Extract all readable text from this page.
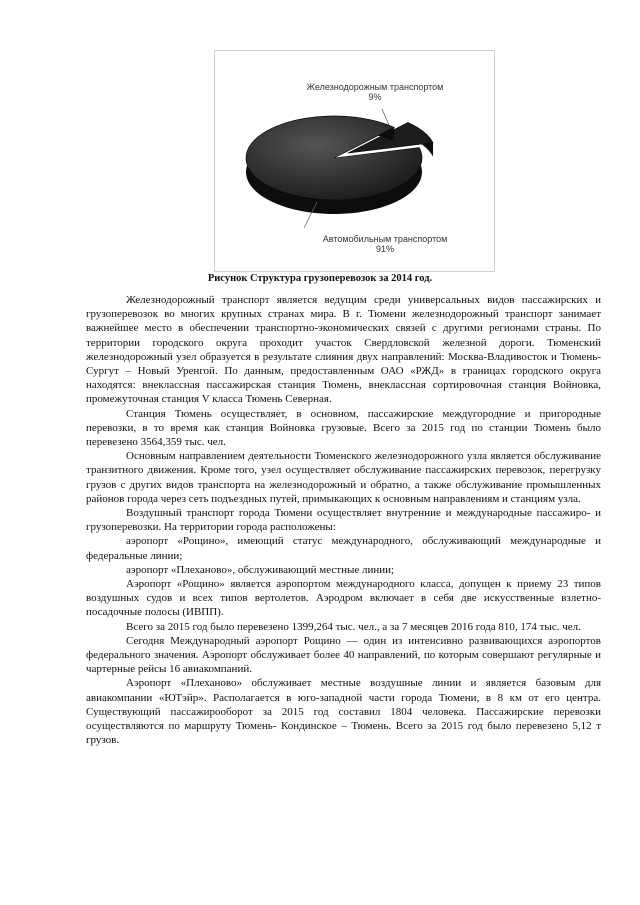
Железнодорожным транспортом
9%
Автомобильным транспортом
91%
Рисунок Структура грузоперевозок за 2014 год.

Железнодорожный транспорт является ведущим среди универсальных видов пассажирских и грузоперевозок во многих крупных странах мира. В г. Тюмени железнодорожный транспорт занимает важнейшее место в обеспечении транспортно-экономических связей с другими регионами страны. По территории городского округа проходит участок Свердловской железной дороги. Тюменский железнодорожный узел образуется в результате слияния двух направлений: Москва-Владивосток и Тюмень-Сургут – Новый Уренгой. По данным, предоставленным ОАО «РЖД» в границах городского округа находятся: внеклассная пассажирская станция Тюмень, внеклассная сортировочная станция Войновка, промежуточная станция V класса Тюмень Северная.

Станция Тюмень осуществляет, в основном, пассажирские междугородние и пригородные перевозки, в то время как станция Войновка грузовые. Всего за 2015 год по станции Тюмень было перевезено 3564,359 тыс. чел.

Основным направлением деятельности Тюменского железнодорожного узла является обслуживание транзитного движения. Кроме того, узел осуществляет обслуживание пассажирских перевозок, перегрузку грузов с других видов транспорта на железнодорожный и обратно, а также обслуживание промышленных районов города через сеть подъездных путей, примыкающих к основным направлениям и станциям узла.

Воздушный транспорт города Тюмени осуществляет внутренние и международные пассажиро- и грузоперевозки. На территории города расположены:

аэропорт «Рощино», имеющий статус международного, обслуживающий международные и федеральные линии;

аэропорт «Плеханово», обслуживающий местные линии;

Аэропорт «Рощино» является аэропортом международного класса, допущен к приему 23 типов воздушных судов и всех типов вертолетов. Аэродром включает в себя две искусственные взлетно-посадочные полосы (ИВПП).

Всего за 2015 год было перевезено 1399,264 тыс. чел., а за 7 месяцев 2016 года 810, 174 тыс. чел.

Сегодня Международный аэропорт Рощино — один из интенсивно развивающихся аэропортов федерального значения. Аэропорт обслуживает более 40 направлений, по которым совершают регулярные и чартерные рейсы 16 авиакомпаний.

Аэропорт «Плеханово» обслуживает местные воздушные линии и является базовым для авиакомпании «ЮТэйр». Располагается в юго-западной части города Тюмени, в 8 км от его центра. Существующий пассажирооборот за 2015 год составил 1804 человека. Пассажирские перевозки осуществляются по маршруту Тюмень- Кондинское – Тюмень. Всего за 2015 год было перевезено 5,12 т грузов.
